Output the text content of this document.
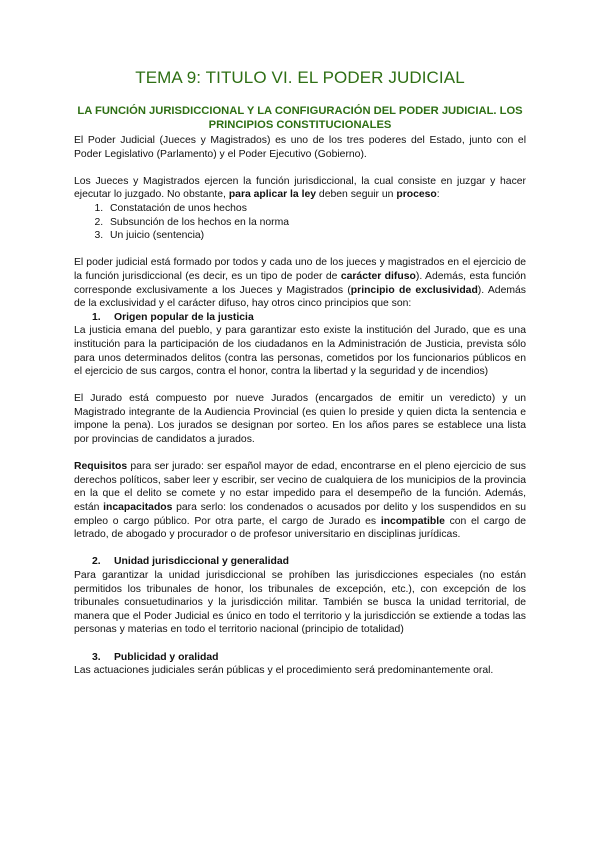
TEMA 9: TITULO VI. EL PODER JUDICIAL
LA FUNCIÓN JURISDICCIONAL Y LA CONFIGURACIÓN DEL PODER JUDICIAL. LOS PRINCIPIOS CONSTITUCIONALES

El Poder Judicial (Jueces y Magistrados) es uno de los tres poderes del Estado, junto con el Poder Legislativo (Parlamento) y el Poder Ejecutivo (Gobierno).

Los Jueces y Magistrados ejercen la función jurisdiccional, la cual consiste en juzgar y hacer ejecutar lo juzgado. No obstante, para aplicar la ley deben seguir un proceso:

1. Constatación de unos hechos
2. Subsunción de los hechos en la norma
3. Un juicio (sentencia)

El poder judicial está formado por todos y cada uno de los jueces y magistrados en el ejercicio de la función jurisdiccional (es decir, es un tipo de poder de carácter difuso). Además, esta función corresponde exclusivamente a los Jueces y Magistrados (principio de exclusividad). Además de la exclusividad y el carácter difuso, hay otros cinco principios que son:

1. Origen popular de la justicia

La justicia emana del pueblo, y para garantizar esto existe la institución del Jurado, que es una institución para la participación de los ciudadanos en la Administración de Justicia, prevista sólo para unos determinados delitos (contra las personas, cometidos por los funcionarios públicos en el ejercicio de sus cargos, contra el honor, contra la libertad y la seguridad y de incendios)

El Jurado está compuesto por nueve Jurados (encargados de emitir un veredicto) y un Magistrado integrante de la Audiencia Provincial (es quien lo preside y quien dicta la sentencia e impone la pena). Los jurados se designan por sorteo. En los años pares se establece una lista por provincias de candidatos a jurados.

Requisitos para ser jurado: ser español mayor de edad, encontrarse en el pleno ejercicio de sus derechos políticos, saber leer y escribir, ser vecino de cualquiera de los municipios de la provincia en la que el delito se comete y no estar impedido para el desempeño de la función. Además, están incapacitados para serlo: los condenados o acusados por delito y los suspendidos en su empleo o cargo público. Por otra parte, el cargo de Jurado es incompatible con el cargo de letrado, de abogado y procurador o de profesor universitario en disciplinas jurídicas.

2. Unidad jurisdiccional y generalidad

Para garantizar la unidad jurisdiccional se prohíben las jurisdicciones especiales (no están permitidos los tribunales de honor, los tribunales de excepción, etc.), con excepción de los tribunales consuetudinarios y la jurisdicción militar. También se busca la unidad territorial, de manera que el Poder Judicial es único en todo el territorio y la jurisdicción se extiende a todas las personas y materias en todo el territorio nacional (principio de totalidad)

3. Publicidad y oralidad

Las actuaciones judiciales serán públicas y el procedimiento será predominantemente oral.
